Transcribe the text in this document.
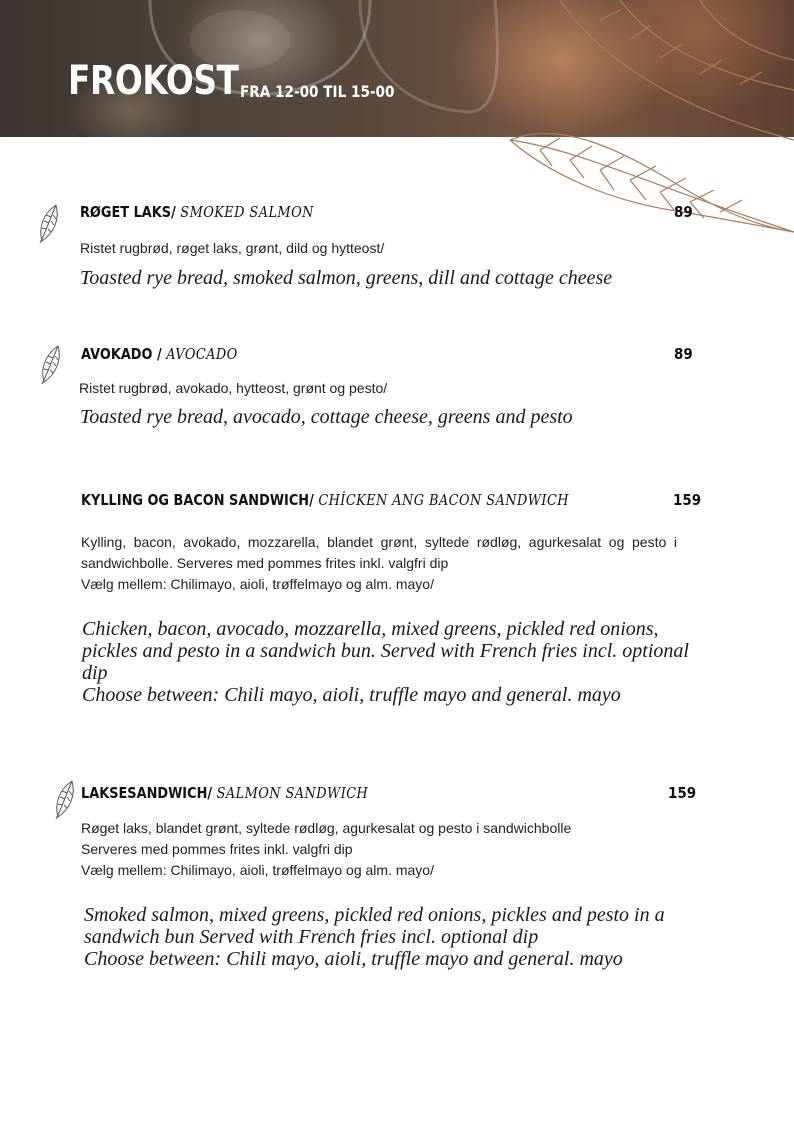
FROKOST FRA 12-00 TIL 15-00
RØGET LAKS/ SMOKED SALMON	89

Ristet rugbrød, røget laks, grønt, dild og hytteost/

Toasted rye bread, smoked salmon, greens, dill and cottage cheese

AVOKADO / AVOCADO	89

Ristet rugbrød, avokado, hytteost, grønt og pesto/

Toasted rye bread, avocado, cottage cheese, greens and pesto

KYLLING OG BACON SANDWICH/ CHİCKEN ANG BACON SANDWICH	159

Kylling, bacon, avokado, mozzarella, blandet grønt, syltede rødløg, agurkesalat og pesto i sandwichbolle. Serveres med pommes frites inkl. valgfri dip

Vælg mellem: Chilimayo, aioli, trøffelmayo og alm. mayo/

Chicken, bacon, avocado, mozzarella, mixed greens, pickled red onions, pickles and pesto in a sandwich bun. Served with French fries incl. optional dip

Choose between: Chili mayo, aioli, truffle mayo and general. mayo

LAKSESANDWICH/ SALMON SANDWICH	159

Røget laks, blandet grønt, syltede rødløg, agurkesalat og pesto i sandwichbolle

Serveres med pommes frites inkl. valgfri dip

Vælg mellem: Chilimayo, aioli, trøffelmayo og alm. mayo/

Smoked salmon, mixed greens, pickled red onions, pickles and pesto in a sandwich bun Served with French fries incl. optional dip

Choose between: Chili mayo, aioli, truffle mayo and general. mayo
